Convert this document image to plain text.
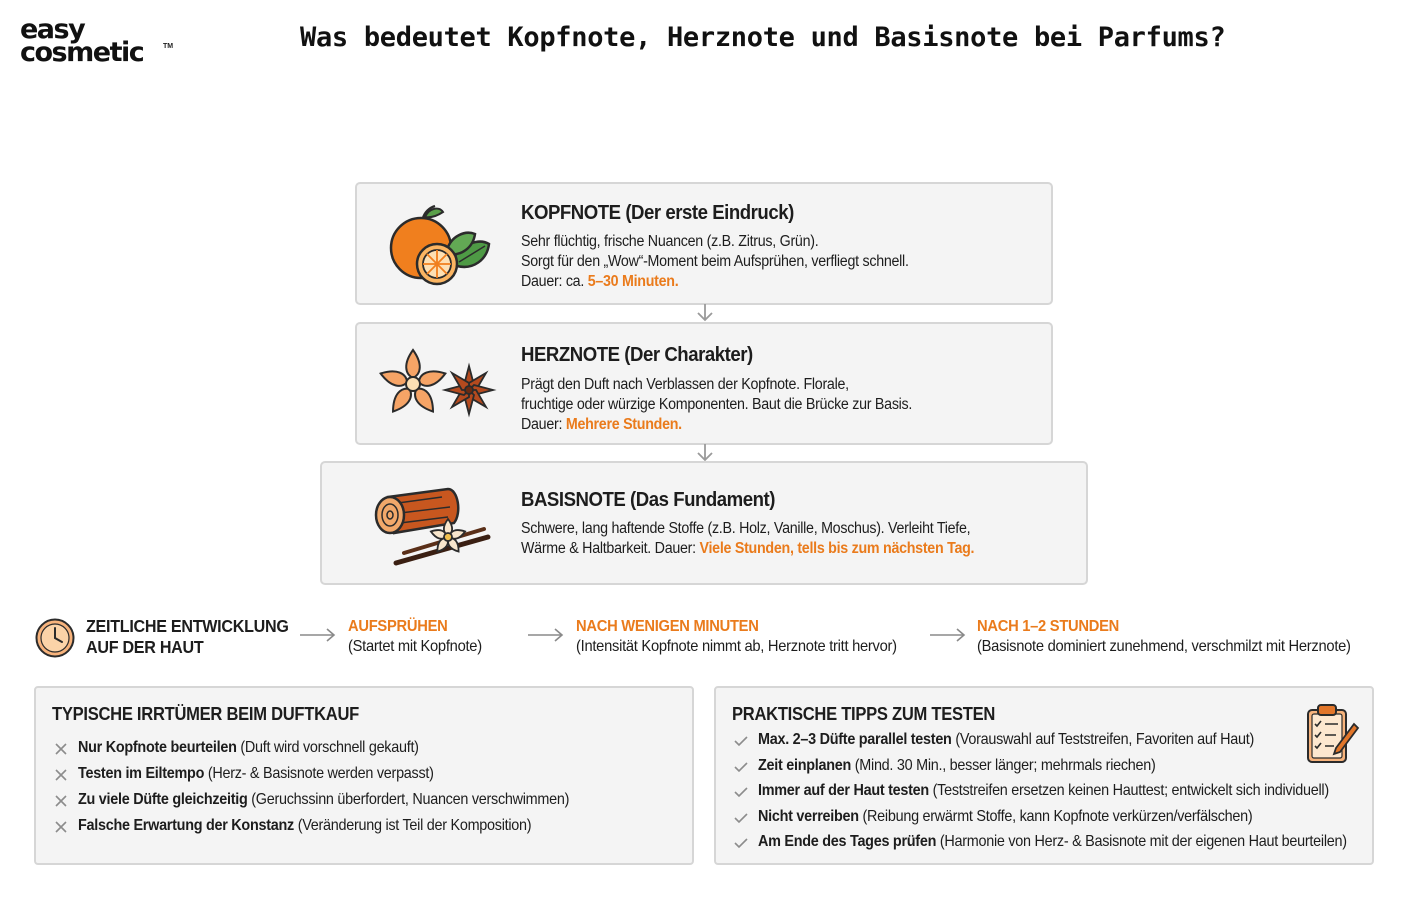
easy
cosmetic	TM	Was bedeutet Kopfnote, Herznote und Basisnote bei Parfums?
KOPFNOTE (Der erste Eindruck)
Sehr flüchtig, frische Nuancen (z.B. Zitrus, Grün).
Sorgt für den „Wow“-Moment beim Aufsprühen, verfliegt schnell.
Dauer: ca. 5–30 Minuten.
HERZNOTE (Der Charakter)
Prägt den Duft nach Verblassen der Kopfnote. Florale,
fruchtige oder würzige Komponenten. Baut die Brücke zur Basis.
Dauer: Mehrere Stunden.
BASISNOTE (Das Fundament)
Schwere, lang haftende Stoffe (z.B. Holz, Vanille, Moschus). Verleiht Tiefe,
Wärme & Haltbarkeit. Dauer: Viele Stunden, tells bis zum nächsten Tag.
ZEITLICHE ENTWICKLUNG
AUF DER HAUT
AUFSPRÜHEN
(Startet mit Kopfnote)
NACH WENIGEN MINUTEN
(Intensität Kopfnote nimmt ab, Herznote tritt hervor)
NACH 1–2 STUNDEN
(Basisnote dominiert zunehmend, verschmilzt mit Herznote)
TYPISCHE IRRTÜMER BEIM DUFTKAUF
Nur Kopfnote beurteilen (Duft wird vorschnell gekauft)
Testen im Eiltempo (Herz- & Basisnote werden verpasst)
Zu viele Düfte gleichzeitig (Geruchssinn überfordert, Nuancen verschwimmen)
Falsche Erwartung der Konstanz (Veränderung ist Teil der Komposition)
PRAKTISCHE TIPPS ZUM TESTEN
Max. 2–3 Düfte parallel testen (Vorauswahl auf Teststreifen, Favoriten auf Haut)
Zeit einplanen (Mind. 30 Min., besser länger; mehrmals riechen)
Immer auf der Haut testen (Teststreifen ersetzen keinen Hauttest; entwickelt sich individuell)
Nicht verreiben (Reibung erwärmt Stoffe, kann Kopfnote verkürzen/verfälschen)
Am Ende des Tages prüfen (Harmonie von Herz- & Basisnote mit der eigenen Haut beurteilen)
